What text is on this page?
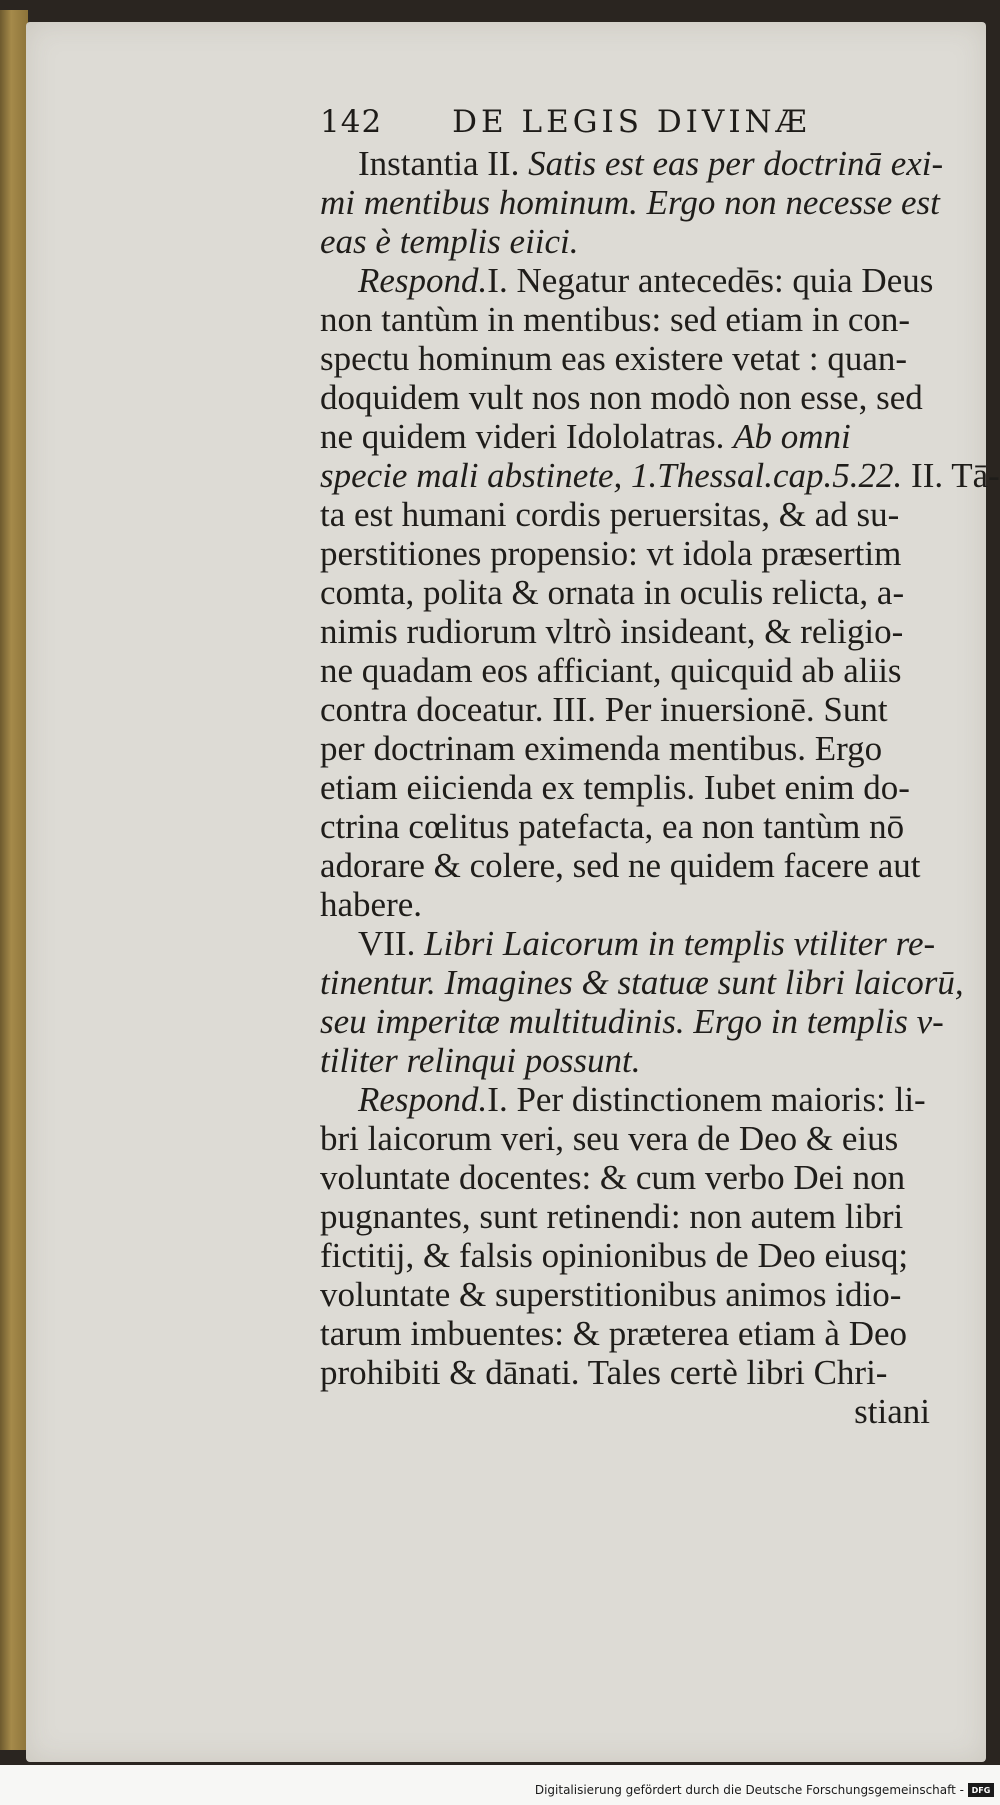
142 DE LEGIS DIVINÆ
Instantia II. Satis est eas per doctrinā exi-
mi mentibus hominum. Ergo non necesse est
eas è templis eiici.
Respond.I. Negatur antecedēs: quia Deus
non tantùm in mentibus: sed etiam in con-
spectu hominum eas existere vetat : quan-
doquidem vult nos non modò non esse, sed
ne quidem videri Idololatras. Ab omni
specie mali abstinete, 1.Thessal.cap.5.22. II. Tā-
ta est humani cordis peruersitas, & ad su-
perstitiones propensio: vt idola præsertim
comta, polita & ornata in oculis relicta, a-
nimis rudiorum vltrò insideant, & religio-
ne quadam eos afficiant, quicquid ab aliis
contra doceatur. III. Per inuersionē. Sunt
per doctrinam eximenda mentibus. Ergo
etiam eiicienda ex templis. Iubet enim do-
ctrina cœlitus patefacta, ea non tantùm nō
adorare & colere, sed ne quidem facere aut
habere.
VII. Libri Laicorum in templis vtiliter re-
tinentur. Imagines & statuæ sunt libri laicorū,
seu imperitæ multitudinis. Ergo in templis v-
tiliter relinqui possunt.
Respond.I. Per distinctionem maioris: li-
bri laicorum veri, seu vera de Deo & eius
voluntate docentes: & cum verbo Dei non
pugnantes, sunt retinendi: non autem libri
fictitij, & falsis opinionibus de Deo eiusq;
voluntate & superstitionibus animos idio-
tarum imbuentes: & præterea etiam à Deo
prohibiti & dānati. Tales certè libri Chri-
stiani
Digitalisierung gefördert durch die Deutsche Forschungsgemeinschaft - DFG
